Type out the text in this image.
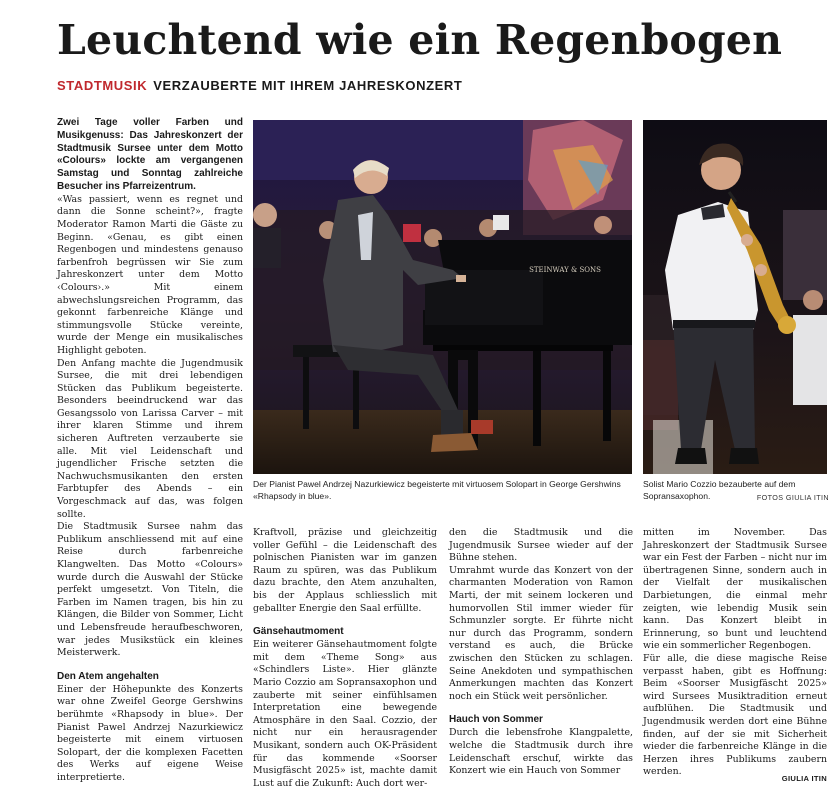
Leuchtend wie ein Regenbogen
STADTMUSIK VERZAUBERTE MIT IHREM JAHRESKONZERT

Zwei Tage voller Farben und Musikgenuss: Das Jahreskonzert der Stadtmusik Sursee unter dem Motto «Colours» lockte am vergangenen Samstag und Sonntag zahlreiche Besucher ins Pfarreizentrum.

«Was passiert, wenn es regnet und dann die Sonne scheint?», fragte Moderator Ramon Marti die Gäste zu Beginn. «Genau, es gibt einen Regenbogen und mindestens genauso farbenfroh begrüssen wir Sie zum Jahreskonzert unter dem Motto ‹Colours›.» Mit einem abwechslungsreichen Programm, das gekonnt farbenreiche Klänge und stimmungsvolle Stücke vereinte, wurde der Menge ein musikalisches Highlight geboten.

Den Anfang machte die Jugendmusik Sursee, die mit drei lebendigen Stücken das Publikum begeisterte. Besonders beeindruckend war das Gesangssolo von Larissa Carver – mit ihrer klaren Stimme und ihrem sicheren Auftreten verzauberte sie alle. Mit viel Leidenschaft und jugendlicher Frische setzten die Nachwuchsmusikanten den ersten Farbtupfer des Abends – ein Vorgeschmack auf das, was folgen sollte.

Die Stadtmusik Sursee nahm das Publikum anschliessend mit auf eine Reise durch farbenreiche Klangwelten. Das Motto «Colours» wurde durch die Auswahl der Stücke perfekt umgesetzt. Von Titeln, die Farben im Namen tragen, bis hin zu Klängen, die Bilder von Sommer, Licht und Lebensfreude heraufbeschworen, war jedes Musikstück ein kleines Meisterwerk.

Den Atem angehalten

Einer der Höhepunkte des Konzerts war ohne Zweifel George Gershwins berühmte «Rhapsody in blue». Der Pianist Pawel Andrzej Nazurkiewicz begeisterte mit einem virtuosen Solopart, der die komplexen Facetten des Werks auf eigene Weise interpretierte.

STEINWAY & SONS
Der Pianist Pawel Andrzej Nazurkiewicz begeisterte mit virtuosem Solopart in George Gershwins «Rhapsody in blue».
Solist Mario Cozzio bezauberte auf dem Sopransaxophon.	FOTOS GIULIA ITIN

Kraftvoll, präzise und gleichzeitig voller Gefühl – die Leidenschaft des polnischen Pianisten war im ganzen Raum zu spüren, was das Publikum dazu brachte, den Atem anzuhalten, bis der Applaus schliesslich mit geballter Energie den Saal erfüllte.

Gänsehautmoment

Ein weiterer Gänsehautmoment folgte mit dem «Theme Song» aus «Schindlers Liste». Hier glänzte Mario Cozzio am Sopransaxophon und zauberte mit seiner einfühlsamen Interpretation eine bewegende Atmosphäre in den Saal. Cozzio, der nicht nur ein herausragender Musikant, sondern auch OK-Präsident für das kommende «Soorser Musigfäscht 2025» ist, machte damit Lust auf die Zukunft: Auch dort wer-

den die Stadtmusik und die Jugendmusik Sursee wieder auf der Bühne stehen.

Umrahmt wurde das Konzert von der charmanten Moderation von Ramon Marti, der mit seinem lockeren und humorvollen Stil immer wieder für Schmunzler sorgte. Er führte nicht nur durch das Programm, sondern verstand es auch, die Brücke zwischen den Stücken zu schlagen. Seine Anekdoten und sympathischen Anmerkungen machten das Konzert noch ein Stück weit persönlicher.

Hauch von Sommer

Durch die lebensfrohe Klangpalette, welche die Stadtmusik durch ihre Leidenschaft erschuf, wirkte das Konzert wie ein Hauch von Sommer

mitten im November. Das Jahreskonzert der Stadtmusik Sursee war ein Fest der Farben – nicht nur im übertragenen Sinne, sondern auch in der Vielfalt der musikalischen Darbietungen, die einmal mehr zeigten, wie lebendig Musik sein kann. Das Konzert bleibt in Erinnerung, so bunt und leuchtend wie ein sommerlicher Regenbogen.

Für alle, die diese magische Reise verpasst haben, gibt es Hoffnung: Beim «Soorser Musigfäscht 2025» wird Sursees Musiktradition erneut aufblühen. Die Stadtmusik und Jugendmusik werden dort eine Bühne finden, auf der sie mit Sicherheit wieder die farbenreiche Klänge in die Herzen ihres Publikums zaubern werden.

GIULIA ITIN
